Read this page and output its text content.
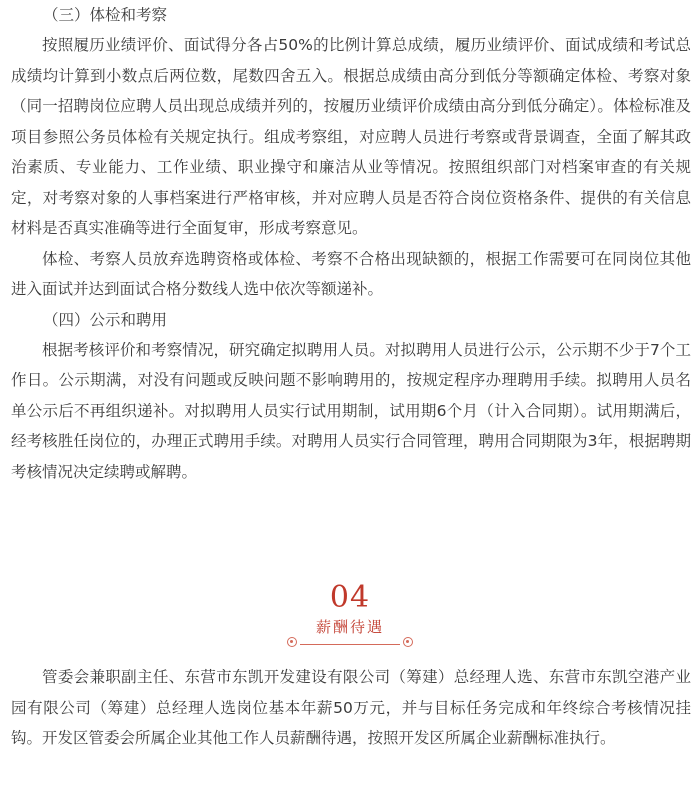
（三）体检和考察

按照履历业绩评价、面试得分各占50%的比例计算总成绩，履历业绩评价、面试成绩和考试总成绩均计算到小数点后两位数，尾数四舍五入。根据总成绩由高分到低分等额确定体检、考察对象（同一招聘岗位应聘人员出现总成绩并列的，按履历业绩评价成绩由高分到低分确定）。体检标准及项目参照公务员体检有关规定执行。组成考察组，对应聘人员进行考察或背景调查，全面了解其政治素质、专业能力、工作业绩、职业操守和廉洁从业等情况。按照组织部门对档案审查的有关规定，对考察对象的人事档案进行严格审核，并对应聘人员是否符合岗位资格条件、提供的有关信息材料是否真实准确等进行全面复审，形成考察意见。

体检、考察人员放弃选聘资格或体检、考察不合格出现缺额的，根据工作需要可在同岗位其他进入面试并达到面试合格分数线人选中依次等额递补。

（四）公示和聘用

根据考核评价和考察情况，研究确定拟聘用人员。对拟聘用人员进行公示，公示期不少于7个工作日。公示期满，对没有问题或反映问题不影响聘用的，按规定程序办理聘用手续。拟聘用人员名单公示后不再组织递补。对拟聘用人员实行试用期制，试用期6个月（计入合同期）。试用期满后，经考核胜任岗位的，办理正式聘用手续。对聘用人员实行合同管理，聘用合同期限为3年，根据聘期考核情况决定续聘或解聘。

04
薪酬待遇

管委会兼职副主任、东营市东凯开发建设有限公司（筹建）总经理人选、东营市东凯空港产业园有限公司（筹建）总经理人选岗位基本年薪50万元，并与目标任务完成和年终综合考核情况挂钩。开发区管委会所属企业其他工作人员薪酬待遇，按照开发区所属企业薪酬标准执行。
